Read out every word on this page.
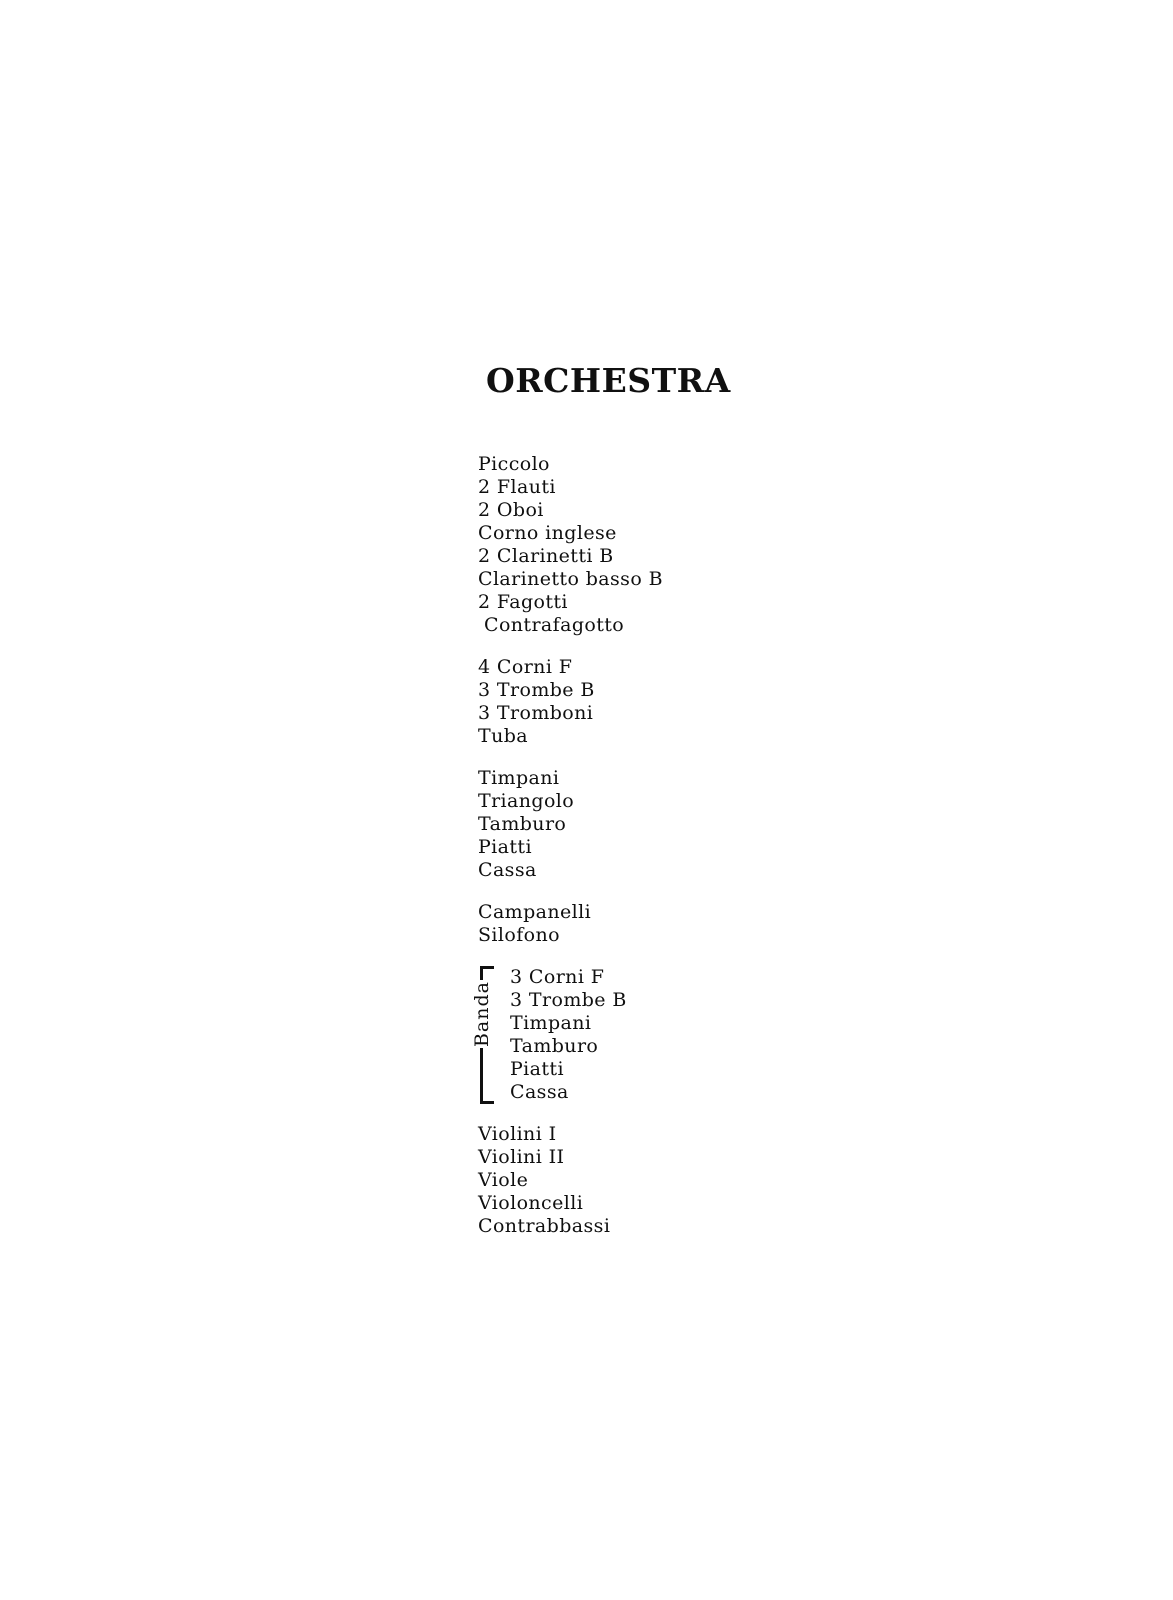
ORCHESTRA
Piccolo
2 Flauti
2 Oboi
Corno inglese
2 Clarinetti B
Clarinetto basso B
2 Fagotti
Contrafagotto
4 Corni F
3 Trombe B
3 Tromboni
Tuba
Timpani
Triangolo
Tamburo
Piatti
Cassa
Campanelli
Silofono
Banda
3 Corni F
3 Trombe B
Timpani
Tamburo
Piatti
Cassa
Violini I
Violini II
Viole
Violoncelli
Contrabbassi
